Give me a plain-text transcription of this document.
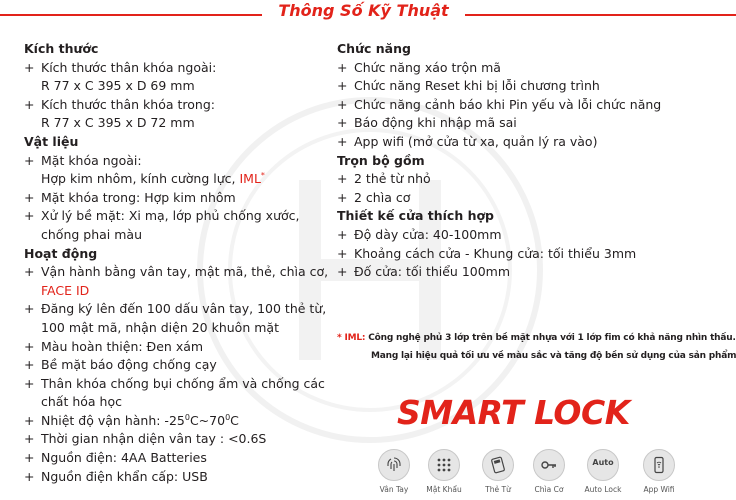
Thông Số Kỹ Thuật
Kích thước
+ Kích thước thân khóa ngoài:
R 77 x C 395 x D 69 mm
+ Kích thước thân khóa trong:
R 77 x C 395 x D 72 mm
Vật liệu
+ Mặt khóa ngoài:
Hợp kim nhôm, kính cường lực, IML*
+ Mặt khóa trong: Hợp kim nhôm
+ Xử lý bề mặt: Xi mạ, lớp phủ chống xước,
chống phai màu
Hoạt động
+ Vận hành bằng vân tay, mật mã, thẻ, chìa cơ,
FACE ID
+ Đăng ký lên đến 100 dấu vân tay, 100 thẻ từ,
100 mật mã, nhận diện 20 khuôn mặt
+ Màu hoàn thiện: Đen xám
+ Bề mặt báo động chống cạy
+ Thân khóa chống bụi chống ẩm và chống các
chất hóa học
+ Nhiệt độ vận hành: $-25^0C\sim 70^0C$
+ Thời gian nhận diện vân tay : <0.6S
+ Nguồn điện: 4AA Batteries
+ Nguồn điện khẩn cấp: USB
Chức năng
+ Chức năng xáo trộn mã
+ Chức năng Reset khi bị lỗi chương trình
+ Chức năng cảnh báo khi Pin yếu và lỗi chức năng
+ Báo động khi nhập mã sai
+ App wifi (mở cửa từ xa, quản lý ra vào)
Trọn bộ gồm
+ 2 thẻ từ nhỏ
+ 2 chìa cơ
Thiết kế cửa thích hợp
+ Độ dày cửa: 40-100mm
+ Khoảng cách cửa - Khung cửa: tối thiểu 3mm
+ Đố cửa: tối thiểu 100mm
* IML: Công nghệ phủ 3 lớp trên bề mặt nhựa với 1 lớp fim có khả năng nhìn thấu.
Mang lại hiệu quả tối ưu về màu sắc và tăng độ bền sử dụng của sản phẩm
SMART LOCK
Vân Tay	Mật Khẩu	Thẻ Từ	Chìa Cơ
Auto
Auto Lock	App Wifi
